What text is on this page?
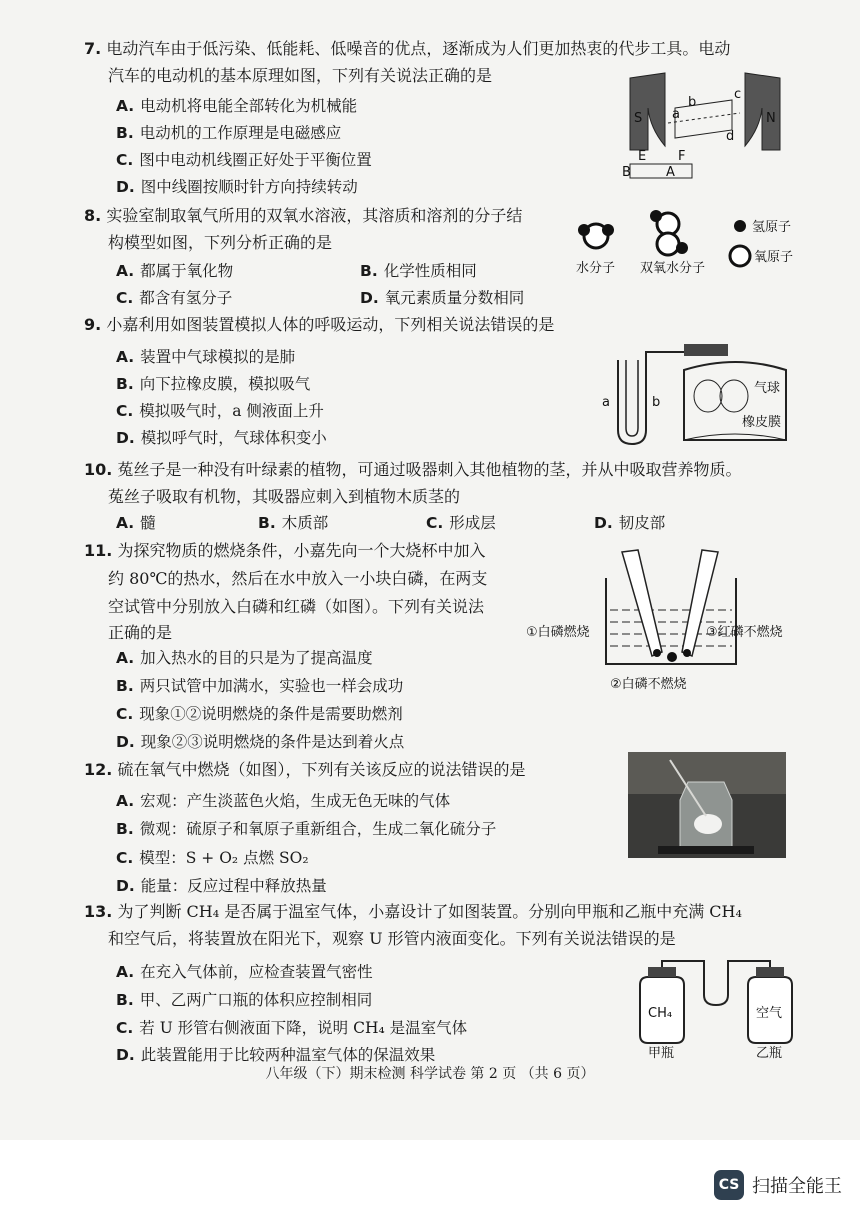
7. 电动汽车由于低污染、低能耗、低噪音的优点，逐渐成为人们更加热衷的代步工具。电动
汽车的电动机的基本原理如图，下列有关说法正确的是
A. 电动机将电能全部转化为机械能
B. 电动机的工作原理是电磁感应
C. 图中电动机线圈正好处于平衡位置
D. 图中线圈按顺时针方向持续转动
S	N
a
b
c
d
E F
B	A
8. 实验室制取氧气所用的双氧水溶液，其溶质和溶剂的分子结
构模型如图，下列分析正确的是
A. 都属于氧化物	B. 化学性质相同
C. 都含有氢分子	D. 氧元素质量分数相同
水分子 双氧水分子
氢原子
氧原子
9. 小嘉利用如图装置模拟人体的呼吸运动，下列相关说法错误的是
A. 装置中气球模拟的是肺
B. 向下拉橡皮膜，模拟吸气
C. 模拟吸气时，a 侧液面上升
D. 模拟呼气时，气球体积变小
a	b
气球
橡皮膜
10. 菟丝子是一种没有叶绿素的植物，可通过吸器刺入其他植物的茎，并从中吸取营养物质。
菟丝子吸取有机物，其吸器应刺入到植物木质茎的
A. 髓	B. 木质部	C. 形成层	D. 韧皮部
11. 为探究物质的燃烧条件，小嘉先向一个大烧杯中加入
约 80℃的热水，然后在水中放入一小块白磷，在两支
空试管中分别放入白磷和红磷（如图）。下列有关说法
正确的是
A. 加入热水的目的只是为了提高温度
B. 两只试管中加满水，实验也一样会成功
C. 现象①②说明燃烧的条件是需要助燃剂
D. 现象②③说明燃烧的条件是达到着火点
①白磷燃烧	③红磷不燃烧
②白磷不燃烧
12. 硫在氧气中燃烧（如图），下列有关该反应的说法错误的是
A. 宏观：产生淡蓝色火焰，生成无色无味的气体
B. 微观：硫原子和氧原子重新组合，生成二氧化硫分子
C. 模型：S + O₂ 点燃 SO₂
D. 能量：反应过程中释放热量
13. 为了判断 CH₄ 是否属于温室气体，小嘉设计了如图装置。分别向甲瓶和乙瓶中充满 CH₄
和空气后，将装置放在阳光下，观察 U 形管内液面变化。下列有关说法错误的是
A. 在充入气体前，应检查装置气密性
B. 甲、乙两广口瓶的体积应控制相同
C. 若 U 形管右侧液面下降，说明 CH₄ 是温室气体
D. 此装置能用于比较两种温室气体的保温效果
CH₄	空气
甲瓶	乙瓶
八年级（下）期末检测 科学试卷 第 2 页 （共 6 页）
CS 扫描全能王
